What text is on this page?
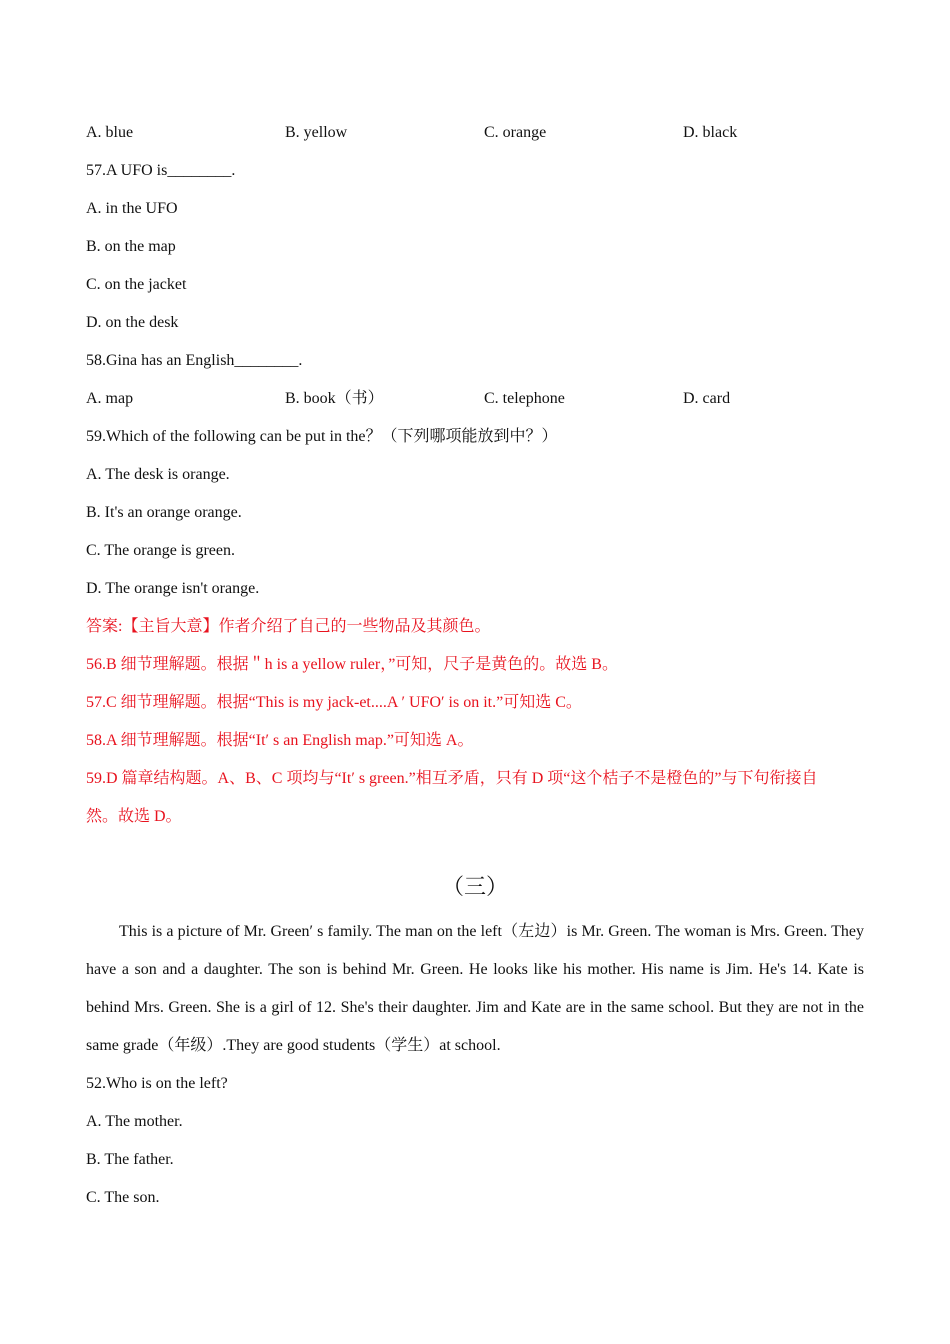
A. blue	B. yellow	C. orange	D. black
57.A UFO is________.
A. in the UFO
B. on the map
C. on the jacket
D. on the desk
58.Gina has an English________.
A. map	B. book（书）	C. telephone	D. card
59.Which of the following can be put in the？（下列哪项能放到中？）
A. The desk is orange.
B. It's an orange orange.
C. The orange is green.
D. The orange isn't orange.
答案:【主旨大意】作者介绍了自己的一些物品及其颜色。
56.B 细节理解题。根据＂h is a yellow ruler，”可知，尺子是黄色的。故选 B。
57.C 细节理解题。根据“This is my jack-et....A ′ UFO′ is on it.”可知选 C。
58.A 细节理解题。根据“It′ s an English map.”可知选 A。
59.D 篇章结构题。A、B、C 项均与“It′ s green.”相互矛盾，只有 D 项“这个桔子不是橙色的”与下句衔接自
然。故选 D。
（三）
This is a picture of Mr. Green′ s family. The man on the left（左边）is Mr. Green. The woman is Mrs. Green. They have a son and a daughter. The son is behind Mr. Green. He looks like his mother. His name is Jim. He's 14. Kate is behind Mrs. Green. She is a girl of 12. She's their daughter. Jim and Kate are in the same school. But they are not in the same grade（年级）.They are good students（学生）at school.
52.Who is on the left?
A. The mother.
B. The father.
C. The son.
